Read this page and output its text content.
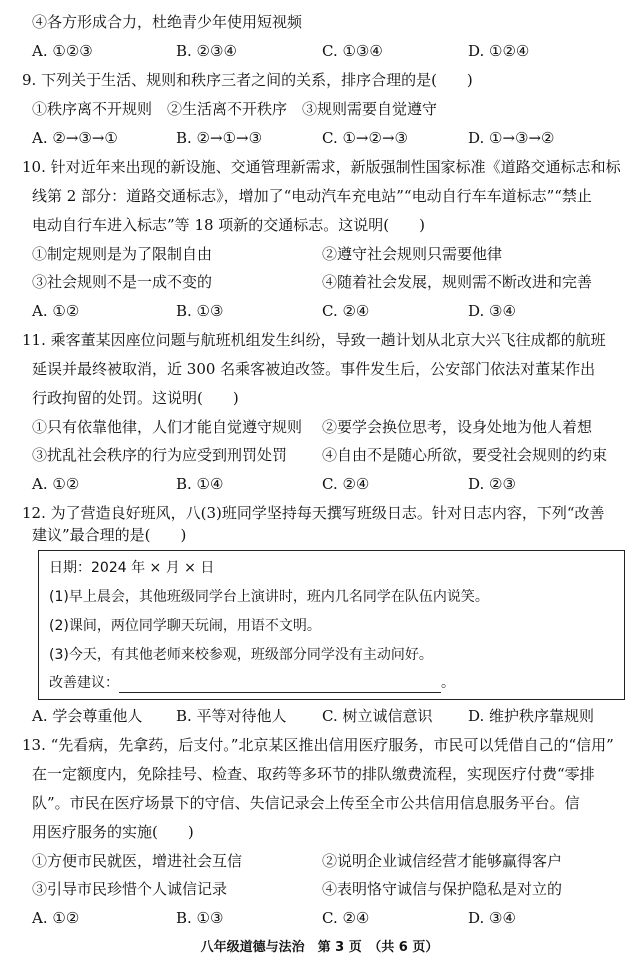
④各方形成合力，杜绝青少年使用短视频
A. ①②③	B. ②③④	C. ①③④	D. ①②④
9. 下列关于生活、规则和秩序三者之间的关系，排序合理的是(　　)
①秩序离不开规则　②生活离不开秩序　③规则需要自觉遵守
A. ②→③→①	B. ②→①→③	C. ①→②→③	D. ①→③→②
10. 针对近年来出现的新设施、交通管理新需求，新版强制性国家标准《道路交通标志和标
线第 2 部分：道路交通标志》，增加了“电动汽车充电站”“电动自行车车道标志”“禁止
电动自行车进入标志”等 18 项新的交通标志。这说明(　　)
①制定规则是为了限制自由	②遵守社会规则只需要他律
③社会规则不是一成不变的	④随着社会发展，规则需不断改进和完善
A. ①②	B. ①③	C. ②④	D. ③④
11. 乘客董某因座位问题与航班机组发生纠纷，导致一趟计划从北京大兴飞往成都的航班
延误并最终被取消，近 300 名乘客被迫改签。事件发生后，公安部门依法对董某作出
行政拘留的处罚。这说明(　　)
①只有依靠他律，人们才能自觉遵守规则 ②要学会换位思考，设身处地为他人着想
③扰乱社会秩序的行为应受到刑罚处罚 ④自由不是随心所欲，要受社会规则的约束
A. ①②	B. ①④	C. ②④	D. ②③
12. 为了营造良好班风，八(3)班同学坚持每天撰写班级日志。针对日志内容，下列“改善
建议”最合理的是(　　)
日期：2024 年 × 月 × 日
(1)早上晨会，其他班级同学台上演讲时，班内几名同学在队伍内说笑。
(2)课间，两位同学聊天玩闹，用语不文明。
(3)今天，有其他老师来校参观，班级部分同学没有主动问好。
改善建议：	。
A. 学会尊重他人 B. 平等对待他人 C. 树立诚信意识 D. 维护秩序靠规则
13. “先看病，先拿药，后支付。”北京某区推出信用医疗服务，市民可以凭借自己的“信用”
在一定额度内，免除挂号、检查、取药等多环节的排队缴费流程，实现医疗付费“零排
队”。市民在医疗场景下的守信、失信记录会上传至全市公共信用信息服务平台。信
用医疗服务的实施(　　)
①方便市民就医，增进社会互信	②说明企业诚信经营才能够赢得客户
③引导市民珍惜个人诚信记录	④表明恪守诚信与保护隐私是对立的
A. ①②	B. ①③	C. ②④	D. ③④
八年级道德与法治　第 3 页　（共 6 页）
